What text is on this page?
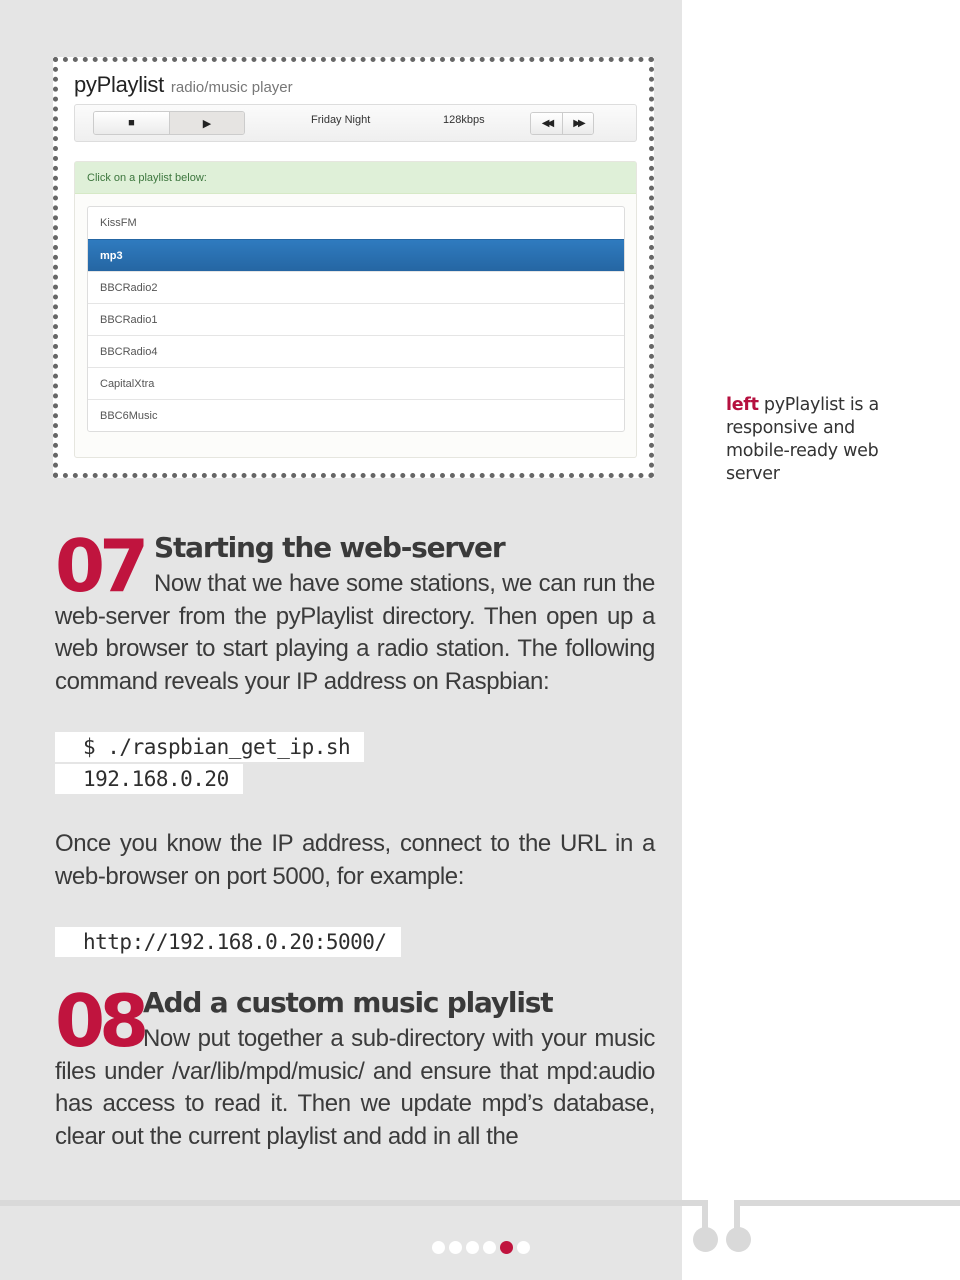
pyPlaylist radio/music player
■	▶	Friday Night	128kbps	◀◀ ▶▶
Click on a playlist below:
KissFM
mp3
BBCRadio2
BBCRadio1
BBCRadio4
CapitalXtra
BBC6Music
left pyPlaylist is a responsive and mobile-ready web server
07 Starting the web-server

Now that we have some stations, we can run the web-server from the pyPlaylist directory. Then open up a web browser to start playing a radio station. The following command reveals your IP address on Raspbian:

$ ./raspbian_get_ip.sh
192.168.0.20

Once you know the IP address, connect to the URL in a web-browser on port 5000, for example:

http://192.168.0.20:5000/
08 Add a custom music playlist

Now put together a sub-directory with your music files under /var/lib/mpd/music/ and ensure that mpd:audio has access to read it. Then we update mpd’s database, clear out the current playlist and add in all the
